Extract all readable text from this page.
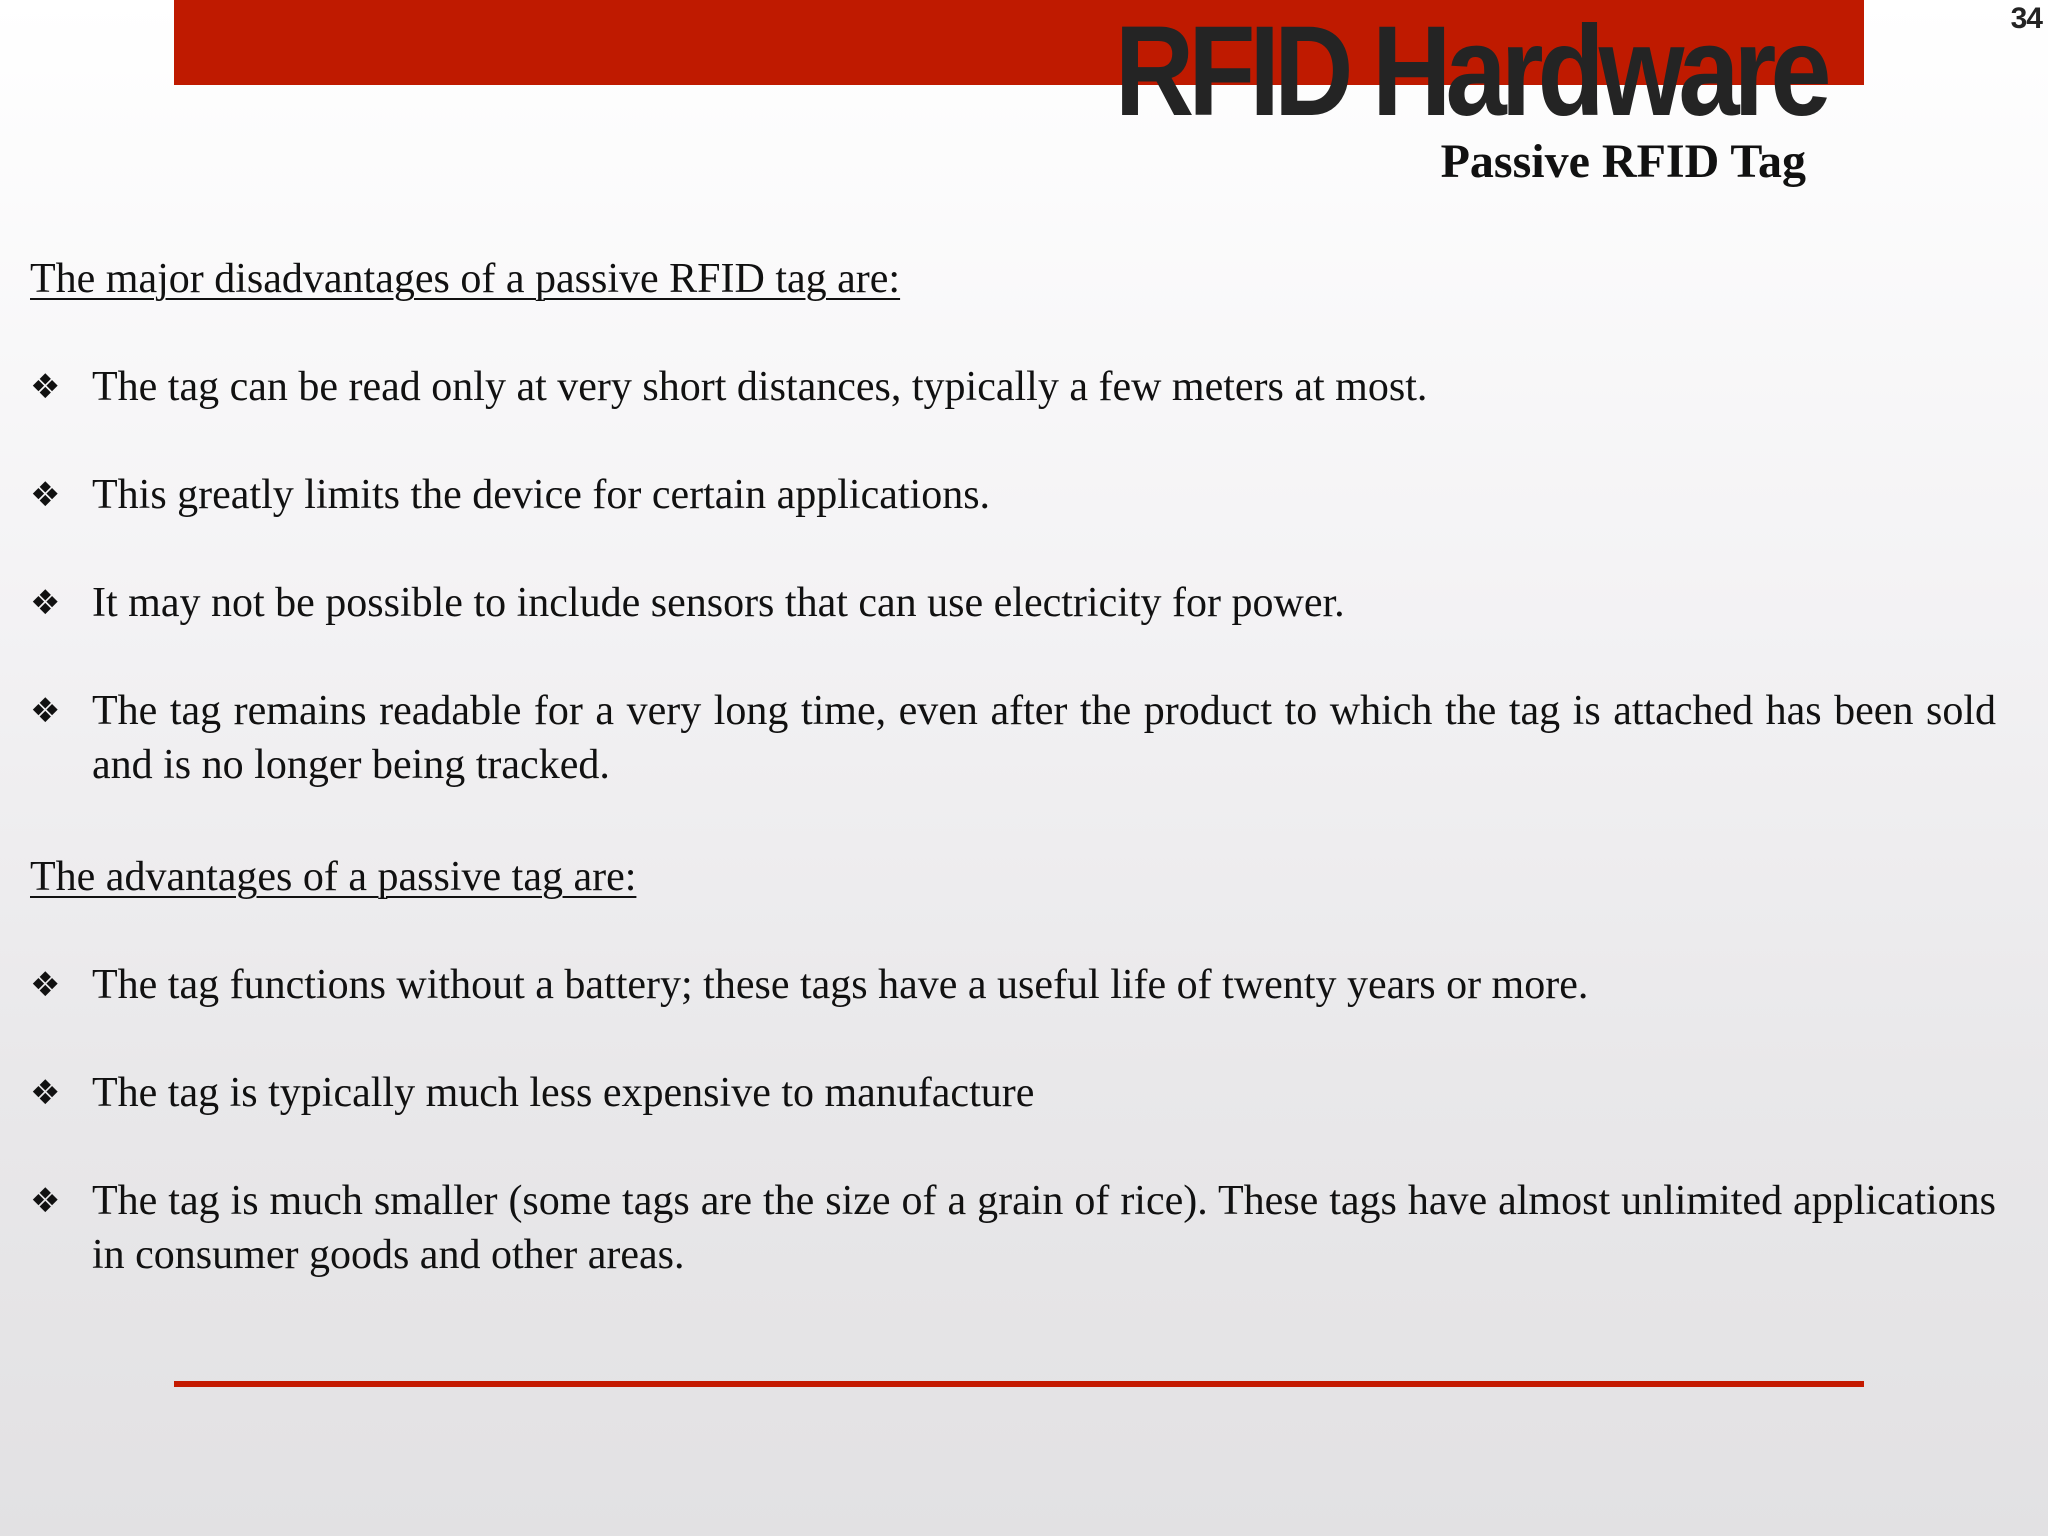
RFID Hardware
Passive RFID Tag
34
The major disadvantages of a passive RFID tag are:
❖ The tag can be read only at very short distances, typically a few meters at most.
❖ This greatly limits the device for certain applications.
❖ It may not be possible to include sensors that can use electricity for power.
❖ The tag remains readable for a very long time, even after the product to which the tag is attached has been sold and is no longer being tracked.
The advantages of a passive tag are:
❖ The tag functions without a battery; these tags have a useful life of twenty years or more.
❖ The tag is typically much less expensive to manufacture
❖ The tag is much smaller (some tags are the size of a grain of rice). These tags have almost unlimited applications in consumer goods and other areas.
